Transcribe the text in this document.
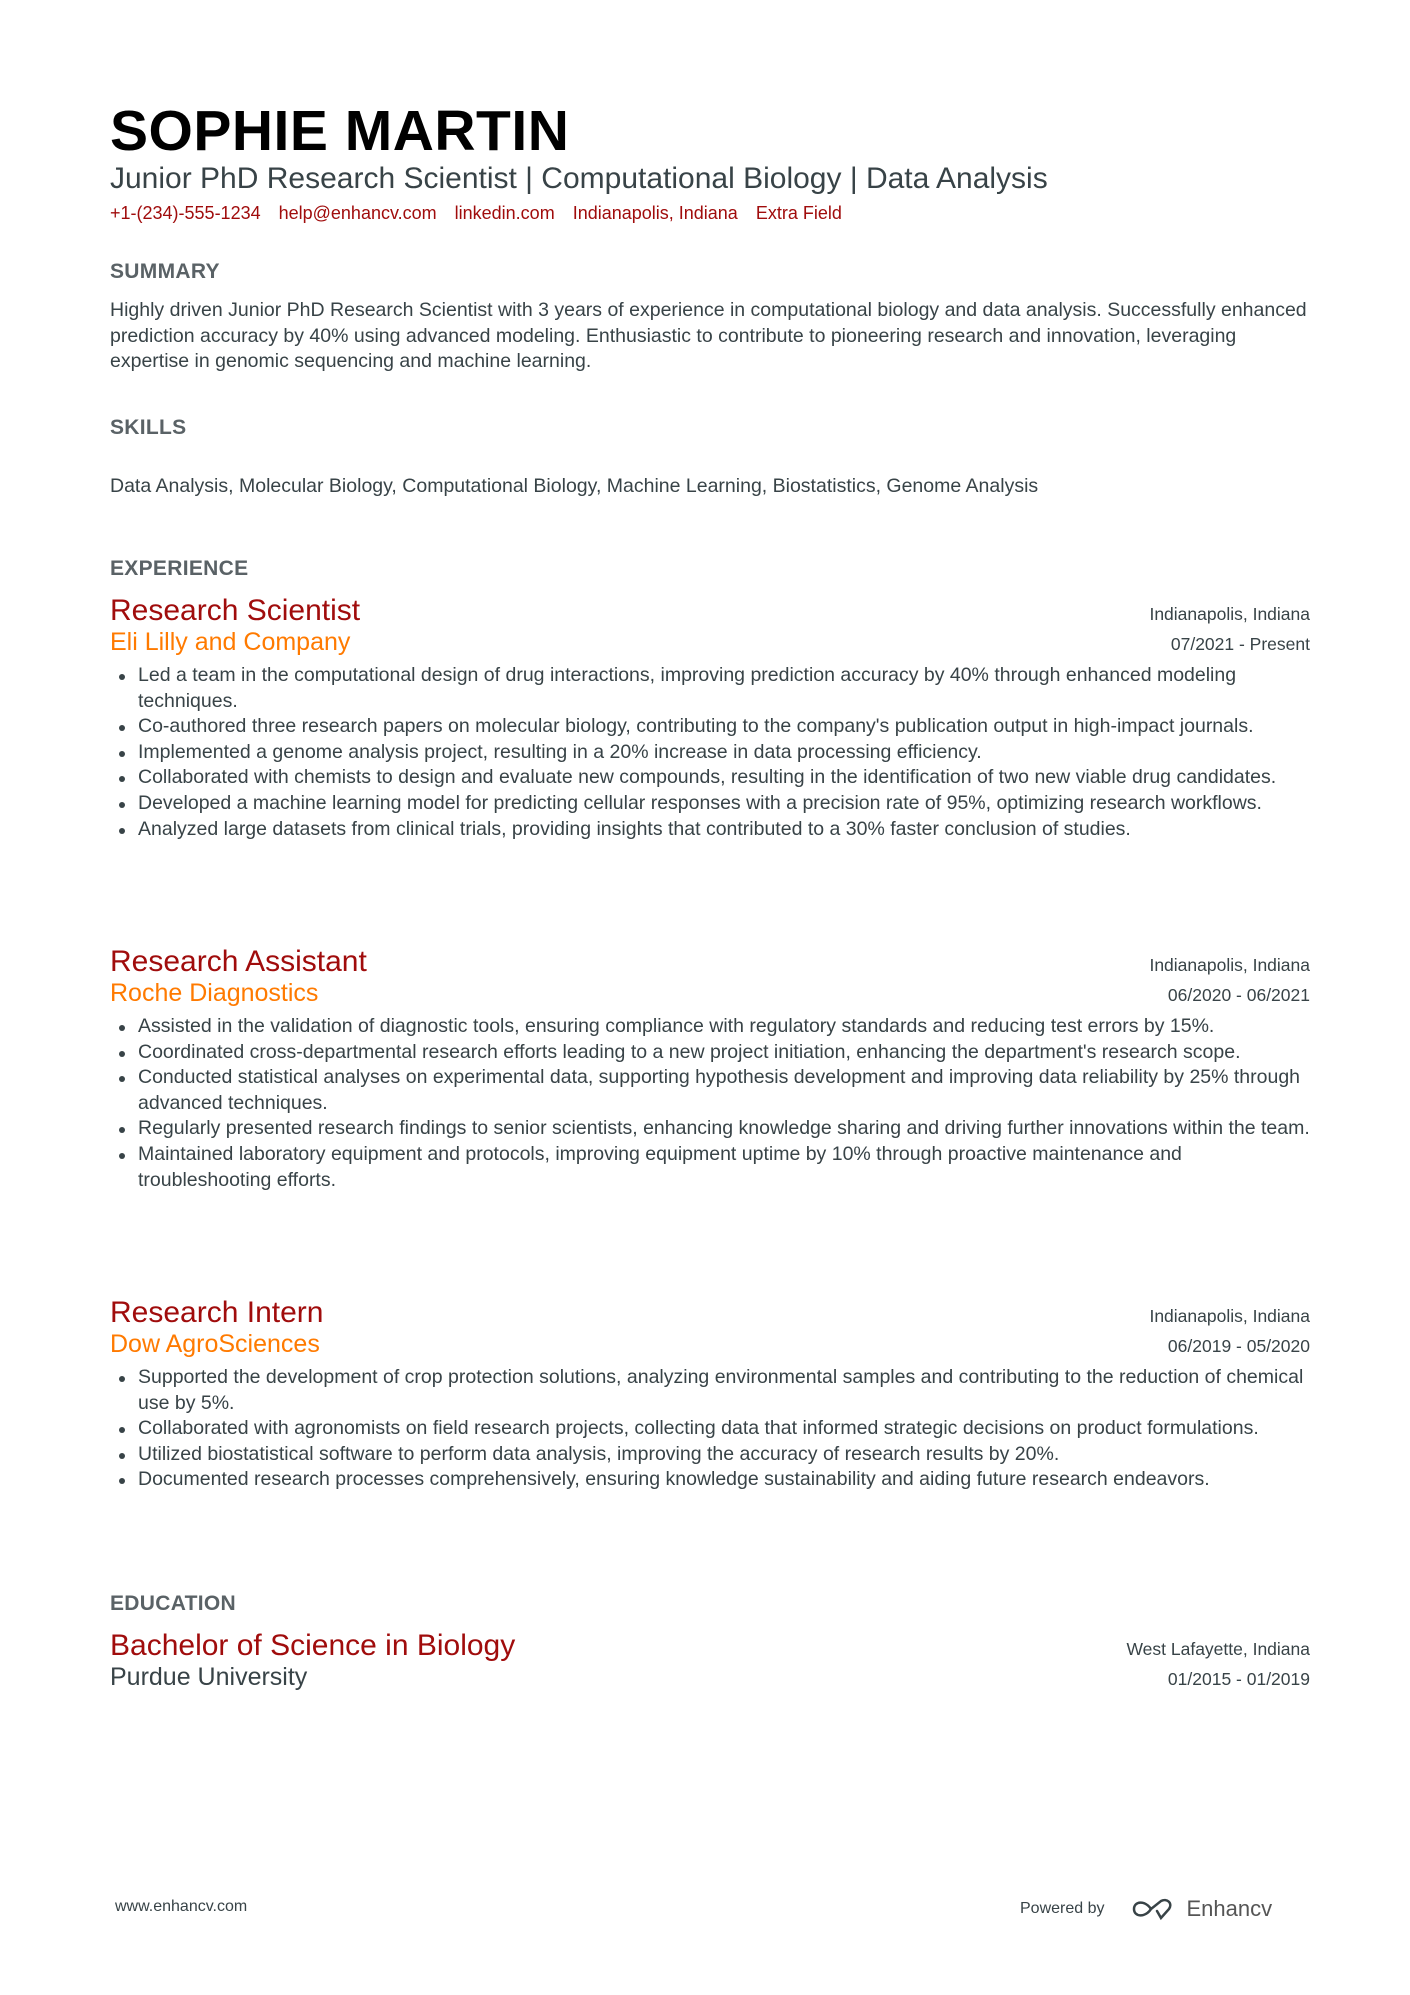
SOPHIE MARTIN
Junior PhD Research Scientist | Computational Biology | Data Analysis
+1-(234)-555-1234 help@enhancv.com linkedin.com Indianapolis, Indiana Extra Field
SUMMARY
Highly driven Junior PhD Research Scientist with 3 years of experience in computational biology and data analysis. Successfully enhanced prediction accuracy by 40% using advanced modeling. Enthusiastic to contribute to pioneering research and innovation, leveraging expertise in genomic sequencing and machine learning.
SKILLS
Data Analysis, Molecular Biology, Computational Biology, Machine Learning, Biostatistics, Genome Analysis
EXPERIENCE
Research Scientist	Indianapolis, Indiana
Eli Lilly and Company	07/2021 - Present
Led a team in the computational design of drug interactions, improving prediction accuracy by 40% through enhanced modeling techniques.
Co-authored three research papers on molecular biology, contributing to the company's publication output in high-impact journals.
Implemented a genome analysis project, resulting in a 20% increase in data processing efficiency.
Collaborated with chemists to design and evaluate new compounds, resulting in the identification of two new viable drug candidates.
Developed a machine learning model for predicting cellular responses with a precision rate of 95%, optimizing research workflows.
Analyzed large datasets from clinical trials, providing insights that contributed to a 30% faster conclusion of studies.
Research Assistant	Indianapolis, Indiana
Roche Diagnostics	06/2020 - 06/2021
Assisted in the validation of diagnostic tools, ensuring compliance with regulatory standards and reducing test errors by 15%.
Coordinated cross-departmental research efforts leading to a new project initiation, enhancing the department's research scope.
Conducted statistical analyses on experimental data, supporting hypothesis development and improving data reliability by 25% through advanced techniques.
Regularly presented research findings to senior scientists, enhancing knowledge sharing and driving further innovations within the team.
Maintained laboratory equipment and protocols, improving equipment uptime by 10% through proactive maintenance and troubleshooting efforts.
Research Intern	Indianapolis, Indiana
Dow AgroSciences	06/2019 - 05/2020
Supported the development of crop protection solutions, analyzing environmental samples and contributing to the reduction of chemical use by 5%.
Collaborated with agronomists on field research projects, collecting data that informed strategic decisions on product formulations.
Utilized biostatistical software to perform data analysis, improving the accuracy of research results by 20%.
Documented research processes comprehensively, ensuring knowledge sustainability and aiding future research endeavors.
EDUCATION
Bachelor of Science in Biology	West Lafayette, Indiana
Purdue University	01/2015 - 01/2019
www.enhancv.com	Powered by	Enhancv
